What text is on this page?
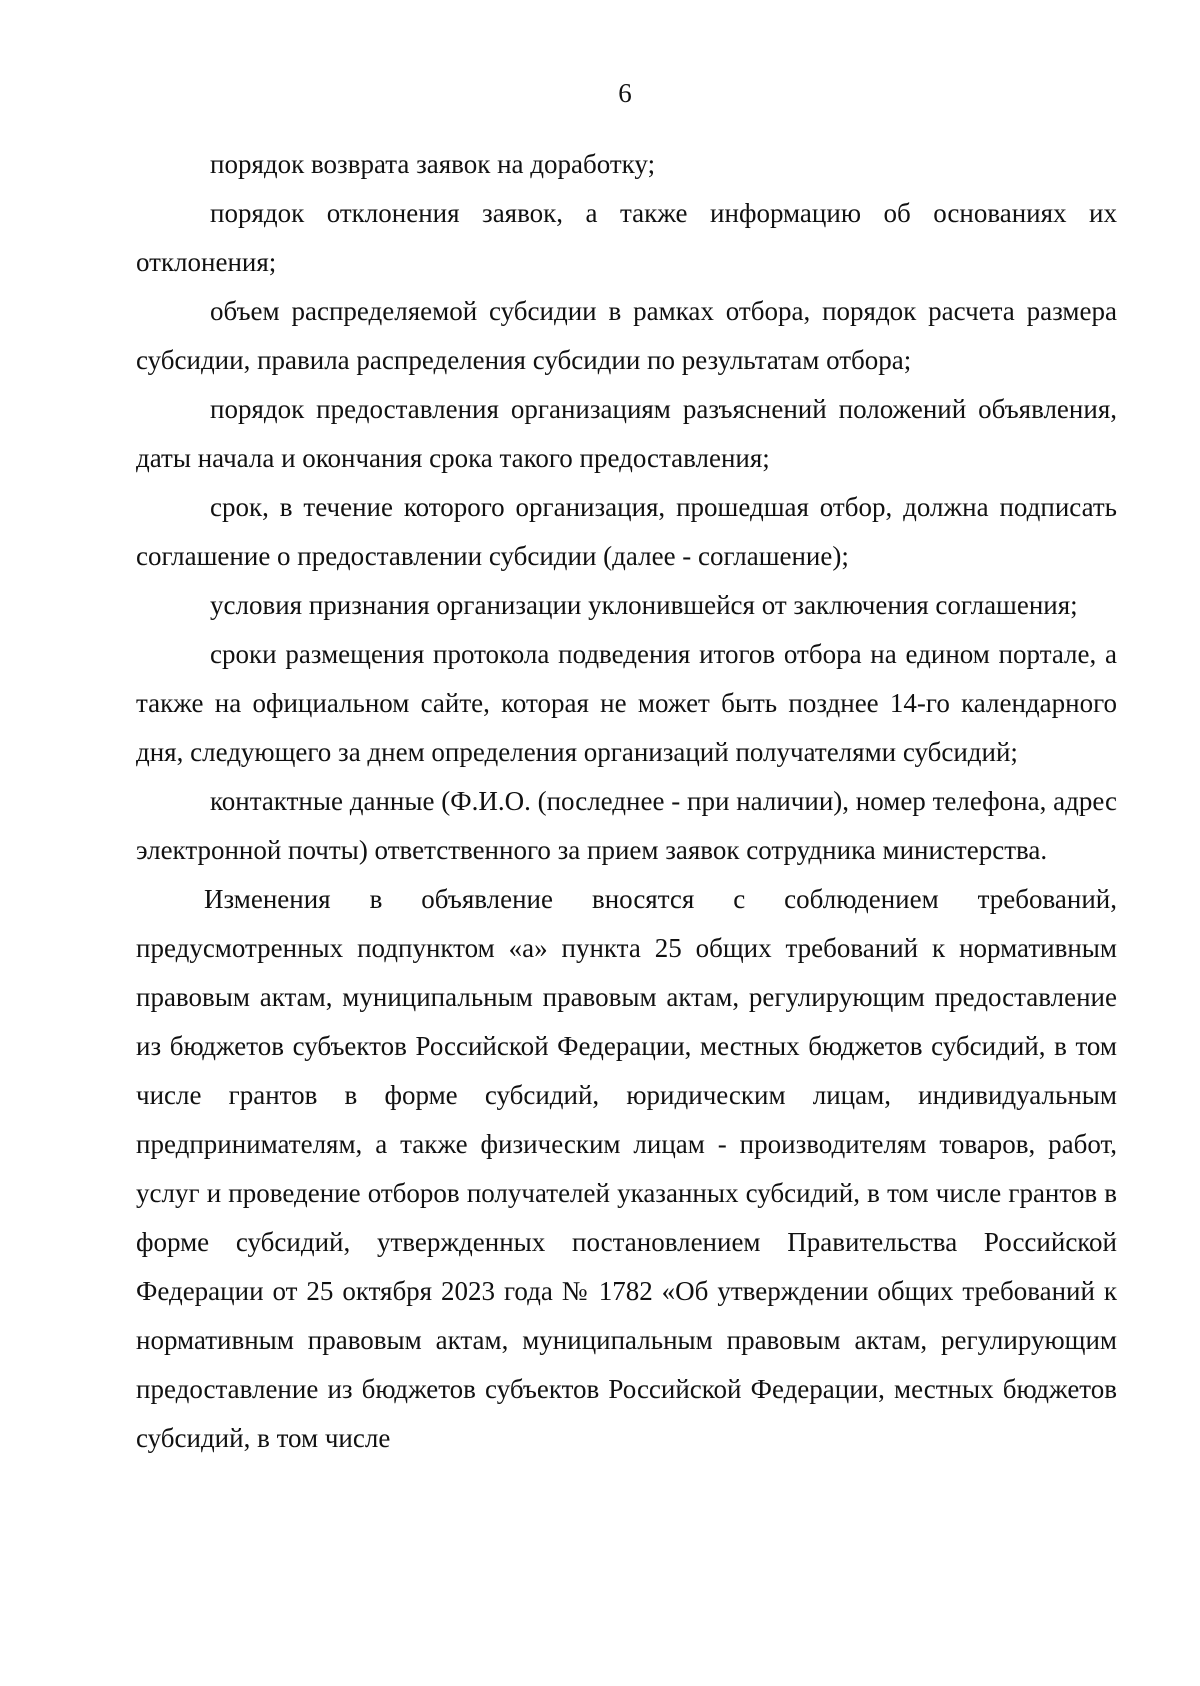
6

порядок возврата заявок на доработку;

порядок отклонения заявок, а также информацию об основаниях их отклонения;

объем распределяемой субсидии в рамках отбора, порядок расчета размера субсидии, правила распределения субсидии по результатам отбора;

порядок предоставления организациям разъяснений положений объявления, даты начала и окончания срока такого предоставления;

срок, в течение которого организация, прошедшая отбор, должна подписать соглашение о предоставлении субсидии (далее - соглашение);

условия признания организации уклонившейся от заключения соглашения;

сроки размещения протокола подведения итогов отбора на едином портале, а также на официальном сайте, которая не может быть позднее 14-го календарного дня, следующего за днем определения организаций получателями субсидий;

контактные данные (Ф.И.О. (последнее - при наличии), номер телефона, адрес электронной почты) ответственного за прием заявок сотрудника министерства.

Изменения в объявление вносятся с соблюдением требований, предусмотренных подпунктом «а» пункта 25 общих требований к нормативным правовым актам, муниципальным правовым актам, регулирующим предоставление из бюджетов субъектов Российской Федерации, местных бюджетов субсидий, в том числе грантов в форме субсидий, юридическим лицам, индивидуальным предпринимателям, а также физическим лицам - производителям товаров, работ, услуг и проведение отборов получателей указанных субсидий, в том числе грантов в форме субсидий, утвержденных постановлением Правительства Российской Федерации от 25 октября 2023 года № 1782 «Об утверждении общих требований к нормативным правовым актам, муниципальным правовым актам, регулирующим предоставление из бюджетов субъектов Российской Федерации, местных бюджетов субсидий, в том числе
